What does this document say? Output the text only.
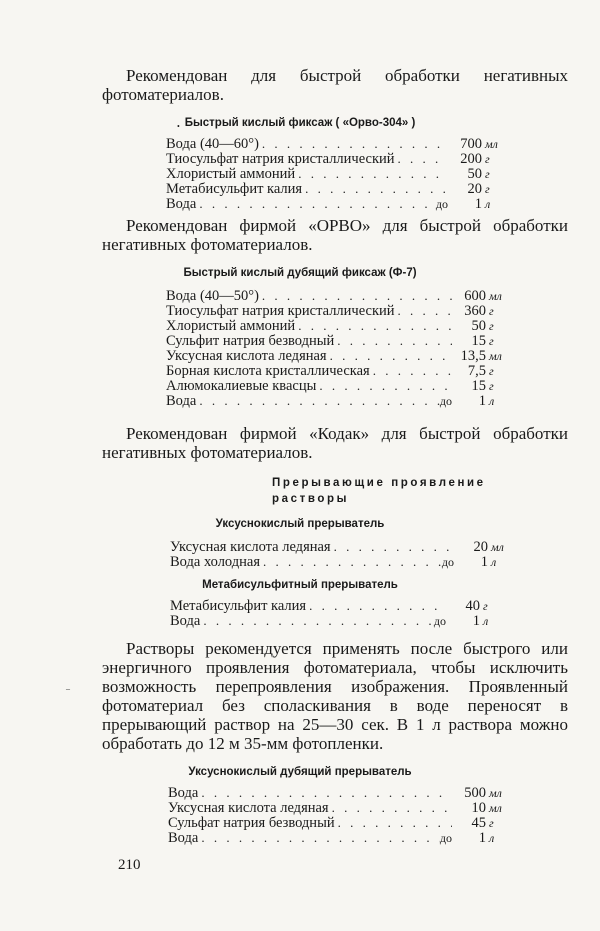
Рекомендован для быстрой обработки негативных фотоматериалов.

Быстрый кислый фиксаж ( «Орво-304» )
Вода (40—60°) . . .	700 мл
Тиосульфат натрия кристаллический . . .	200 г
Хлористый аммоний . . .	50 г
Метабисульфит калия . . .	20 г
Вода . . .	до	1 л

Рекомендован фирмой «ОРВО» для быстрой обработки негативных фотоматериалов.

Быстрый кислый дубящий фиксаж (Ф-7)
Вода (40—50°) . . .	600 мл
Тиосульфат натрия кристаллический . . .	360 г
Хлористый аммоний . . .	50 г
Сульфит натрия безводный . . .	15 г
Уксусная кислота ледяная . . .	13,5 мл
Борная кислота кристаллическая . . .	7,5 г
Алюмокалиевые квасцы . . .	15 г
Вода . . .	до	1 л

Рекомендован фирмой «Кодак» для быстрой обработки негативных фотоматериалов.

Прерывающие проявление
растворы
Уксуснокислый прерыватель
Уксусная кислота ледяная . . .	20 мл
Вода холодная . . .	до	1 л
Метабисульфитный прерыватель
Метабисульфит калия . . .	40 г
Вода . . .	до	1 л

Растворы рекомендуется применять после быстрого или энергичного проявления фотоматериала, чтобы исключить возможность перепроявления изображения. Проявленный фотоматериал без споласкивания в воде переносят в прерывающий раствор на 25—30 сек. В 1 л раствора можно обработать до 12 м 35-мм фотопленки.

Уксуснокислый дубящий прерыватель
Вода . . .	500 мл
Уксусная кислота ледяная . . .	10 мл
Сульфат натрия безводный . . .	45 г
Вода . . .	до	1 л
210
•
–
